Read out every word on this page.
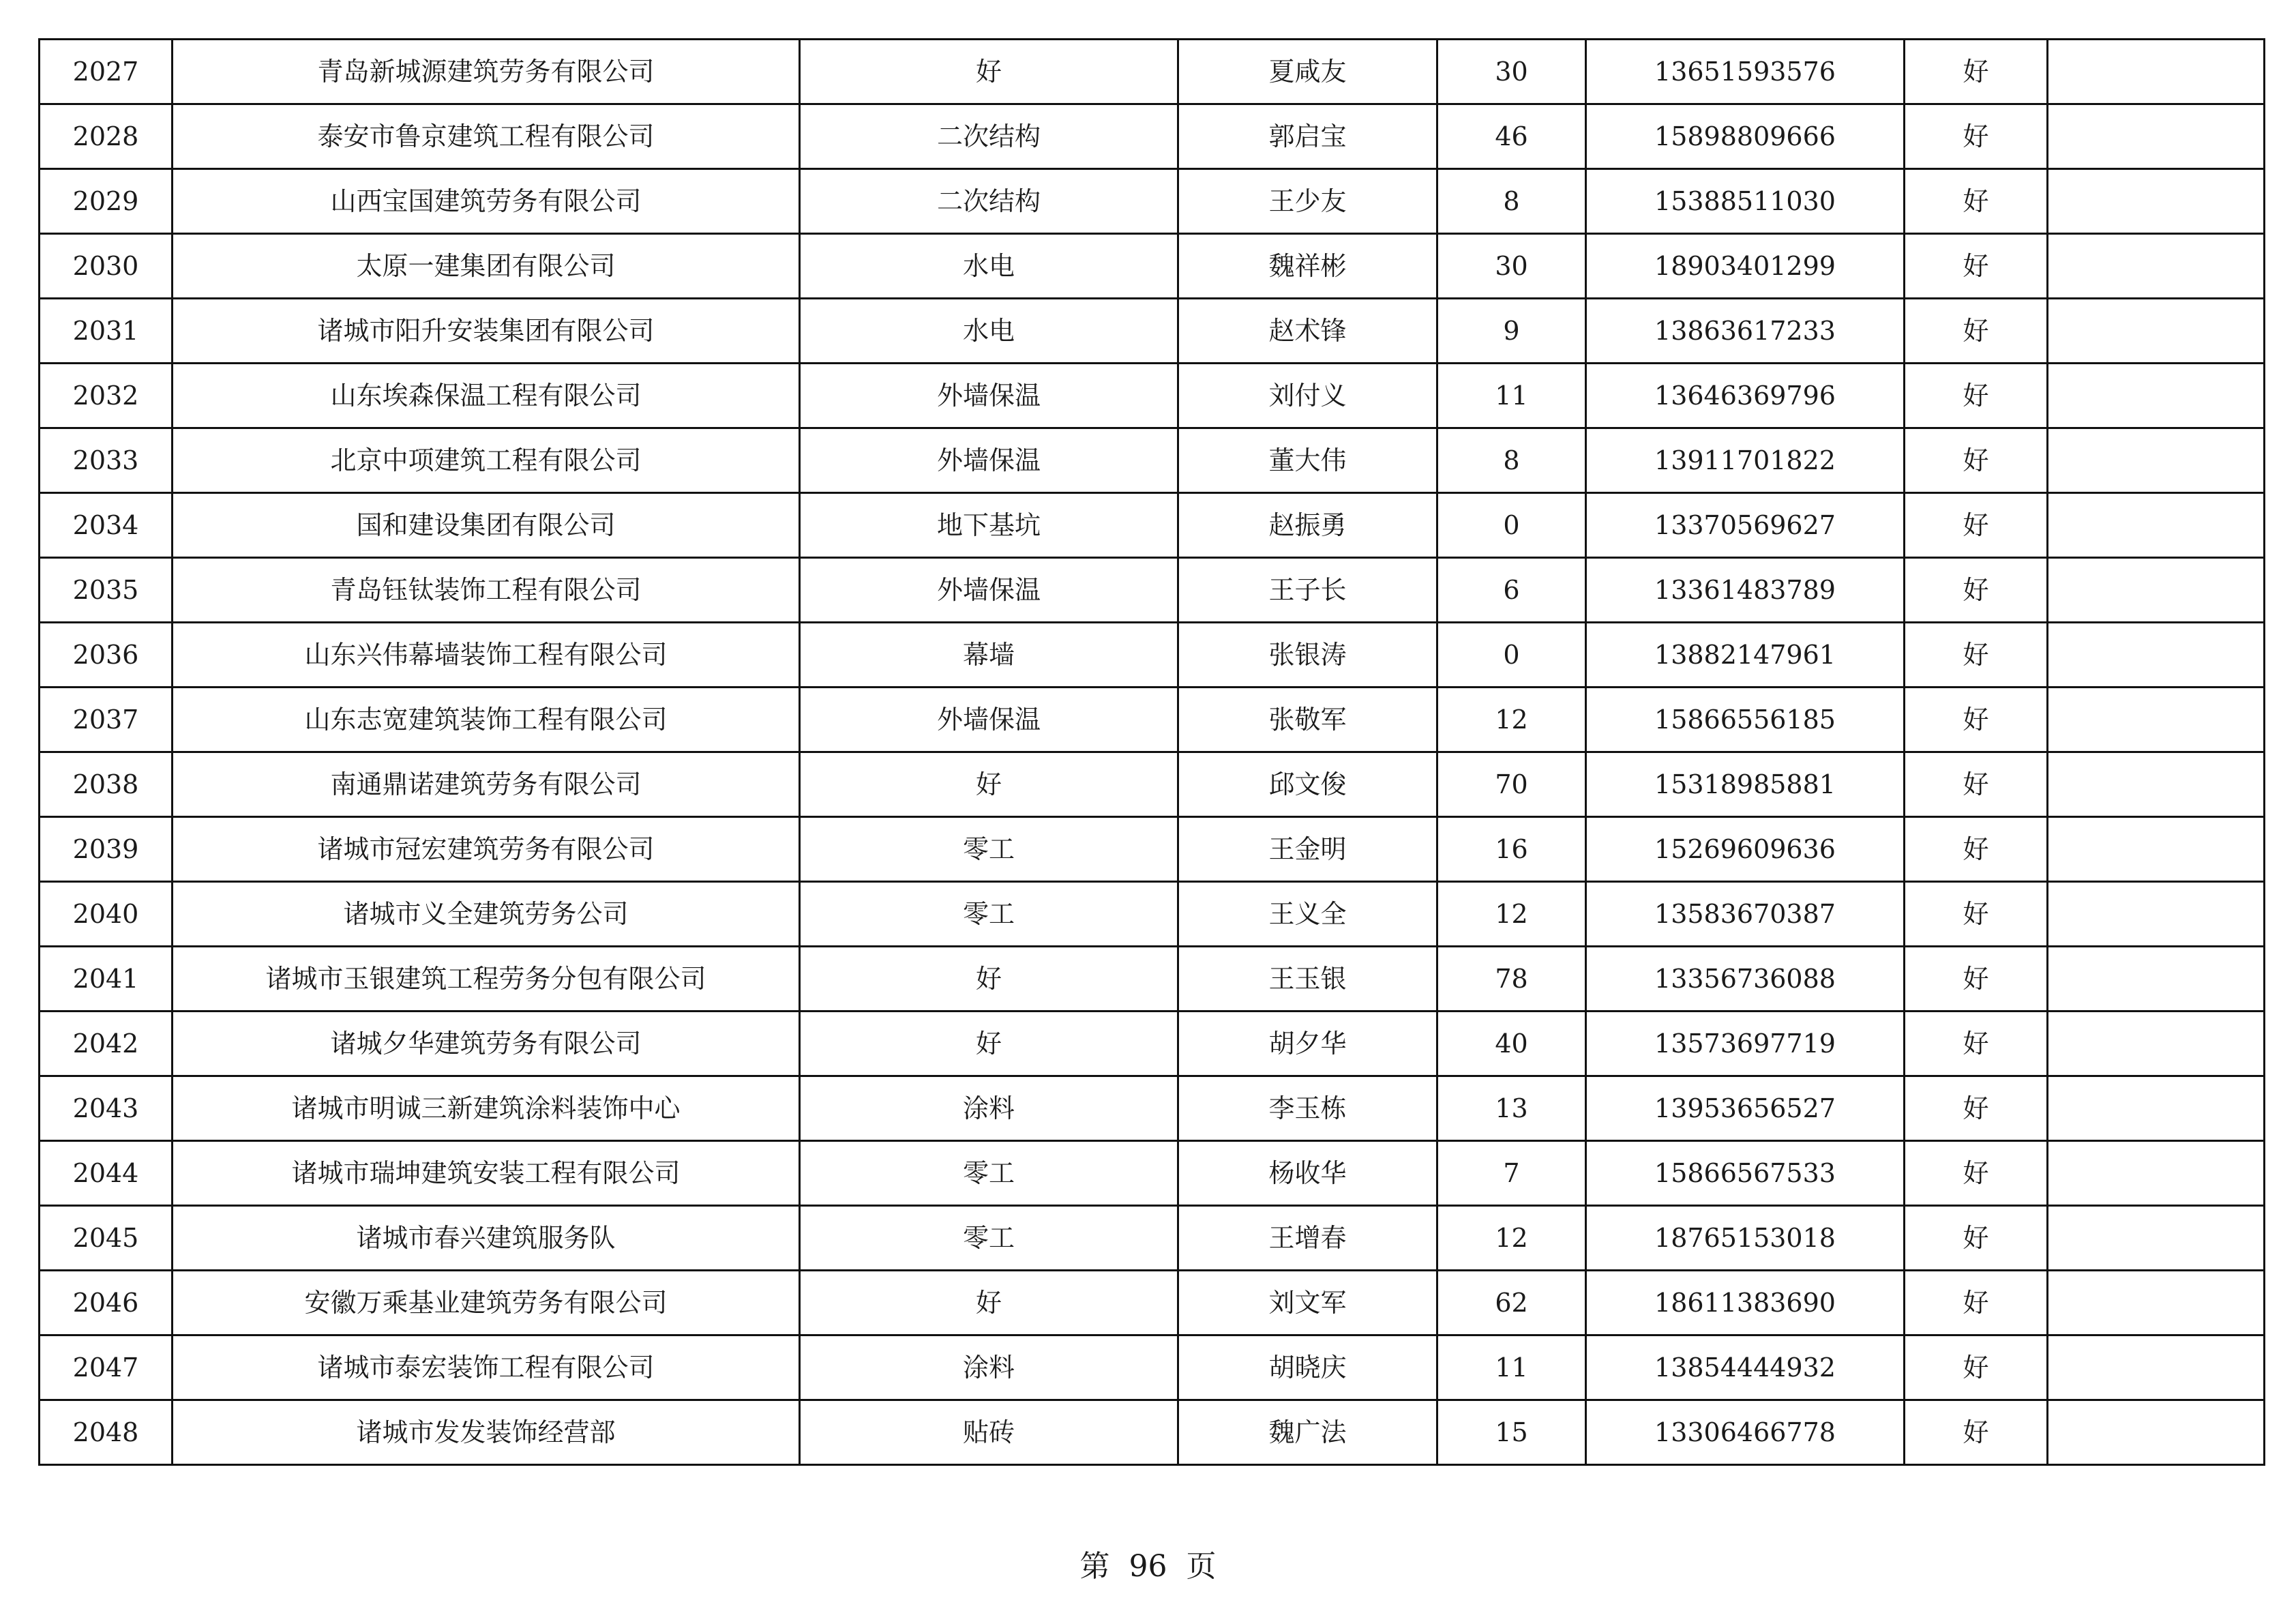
2027	青岛新城源建筑劳务有限公司	好	夏咸友	30	13651593576	好	
2028	泰安市鲁京建筑工程有限公司	二次结构	郭启宝	46	15898809666	好	
2029	山西宝国建筑劳务有限公司	二次结构	王少友	8	15388511030	好	
2030	太原一建集团有限公司	水电	魏祥彬	30	18903401299	好	
2031	诸城市阳升安装集团有限公司	水电	赵术锋	9	13863617233	好	
2032	山东埃森保温工程有限公司	外墙保温	刘付义	11	13646369796	好	
2033	北京中项建筑工程有限公司	外墙保温	董大伟	8	13911701822	好	
2034	国和建设集团有限公司	地下基坑	赵振勇	0	13370569627	好	
2035	青岛钰钛装饰工程有限公司	外墙保温	王子长	6	13361483789	好	
2036	山东兴伟幕墙装饰工程有限公司	幕墙	张银涛	0	13882147961	好	
2037	山东志宽建筑装饰工程有限公司	外墙保温	张敬军	12	15866556185	好	
2038	南通鼎诺建筑劳务有限公司	好	邱文俊	70	15318985881	好	
2039	诸城市冠宏建筑劳务有限公司	零工	王金明	16	15269609636	好	
2040	诸城市义全建筑劳务公司	零工	王义全	12	13583670387	好	
2041	诸城市玉银建筑工程劳务分包有限公司	好	王玉银	78	13356736088	好	
2042	诸城夕华建筑劳务有限公司	好	胡夕华	40	13573697719	好	
2043	诸城市明诚三新建筑涂料装饰中心	涂料	李玉栋	13	13953656527	好	
2044	诸城市瑞坤建筑安装工程有限公司	零工	杨收华	7	15866567533	好	
2045	诸城市春兴建筑服务队	零工	王增春	12	18765153018	好	
2046	安徽万乘基业建筑劳务有限公司	好	刘文军	62	18611383690	好	
2047	诸城市泰宏装饰工程有限公司	涂料	胡晓庆	11	13854444932	好	
2048	诸城市发发装饰经营部	贴砖	魏广法	15	13306466778	好	
第 96 页
